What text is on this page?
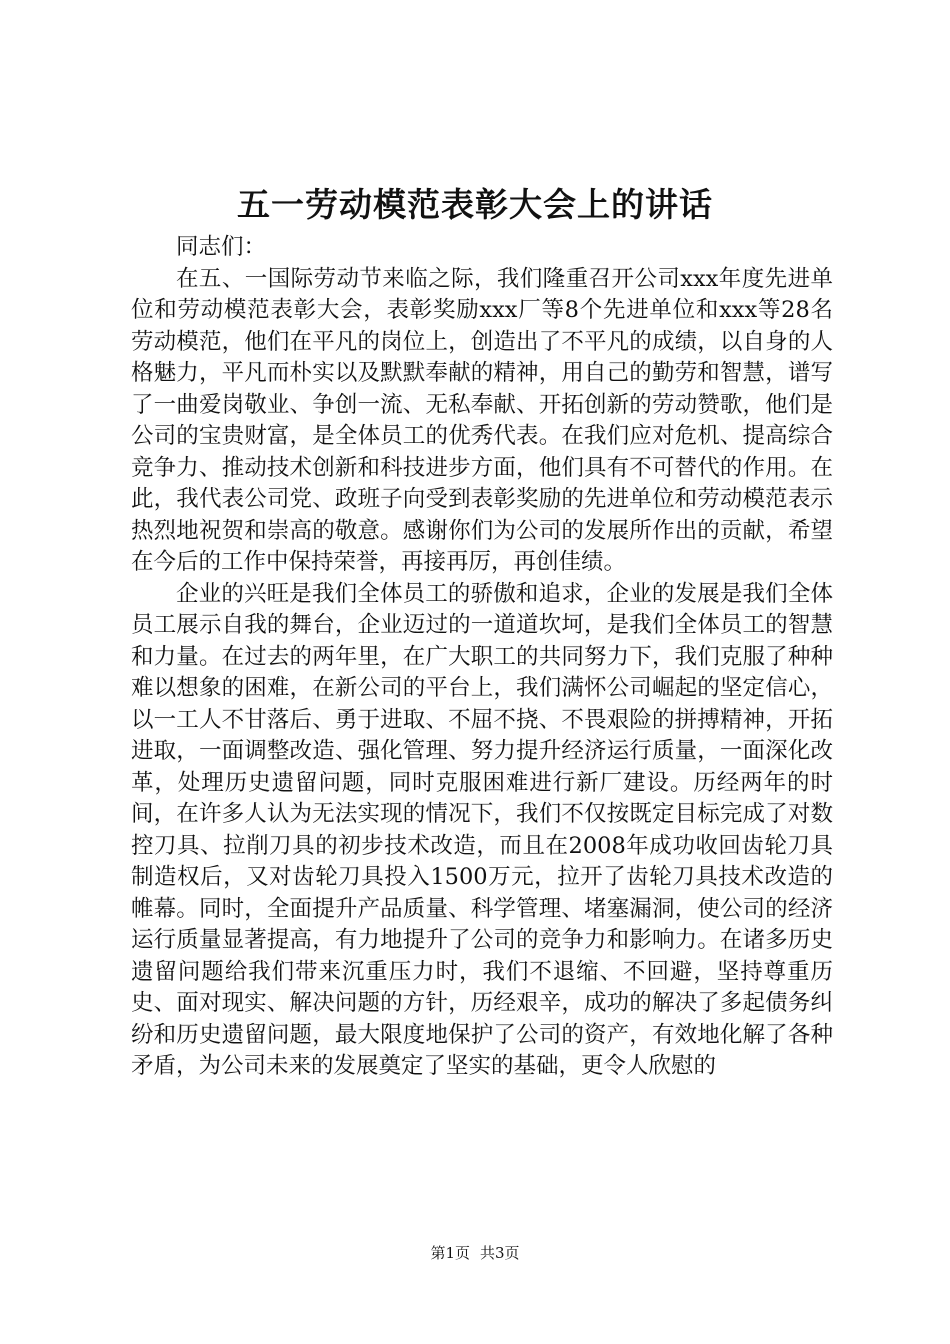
五一劳动模范表彰大会上的讲话

同志们：

在五、一国际劳动节来临之际，我们隆重召开公司xxx年度先进单位和劳动模范表彰大会，表彰奖励xxx厂等8个先进单位和xxx等28名劳动模范，他们在平凡的岗位上，创造出了不平凡的成绩，以自身的人格魅力，平凡而朴实以及默默奉献的精神，用自己的勤劳和智慧，谱写了一曲爱岗敬业、争创一流、无私奉献、开拓创新的劳动赞歌，他们是公司的宝贵财富，是全体员工的优秀代表。在我们应对危机、提高综合竞争力、推动技术创新和科技进步方面，他们具有不可替代的作用。在此，我代表公司党、政班子向受到表彰奖励的先进单位和劳动模范表示热烈地祝贺和崇高的敬意。感谢你们为公司的发展所作出的贡献，希望在今后的工作中保持荣誉，再接再厉，再创佳绩。

企业的兴旺是我们全体员工的骄傲和追求，企业的发展是我们全体员工展示自我的舞台，企业迈过的一道道坎坷，是我们全体员工的智慧和力量。在过去的两年里，在广大职工的共同努力下，我们克服了种种难以想象的困难，在新公司的平台上，我们满怀公司崛起的坚定信心，以一工人不甘落后、勇于进取、不屈不挠、不畏艰险的拼搏精神，开拓进取，一面调整改造、强化管理、努力提升经济运行质量，一面深化改革，处理历史遗留问题，同时克服困难进行新厂建设。历经两年的时间，在许多人认为无法实现的情况下，我们不仅按既定目标完成了对数控刀具、拉削刀具的初步技术改造，而且在2008年成功收回齿轮刀具制造权后，又对齿轮刀具投入1500万元，拉开了齿轮刀具技术改造的帷幕。同时，全面提升产品质量、科学管理、堵塞漏洞，使公司的经济运行质量显著提高，有力地提升了公司的竞争力和影响力。在诸多历史遗留问题给我们带来沉重压力时，我们不退缩、不回避，坚持尊重历史、面对现实、解决问题的方针，历经艰辛，成功的解决了多起债务纠纷和历史遗留问题，最大限度地保护了公司的资产，有效地化解了各种矛盾，为公司未来的发展奠定了坚实的基础，更令人欣慰的

第1页 共3页
